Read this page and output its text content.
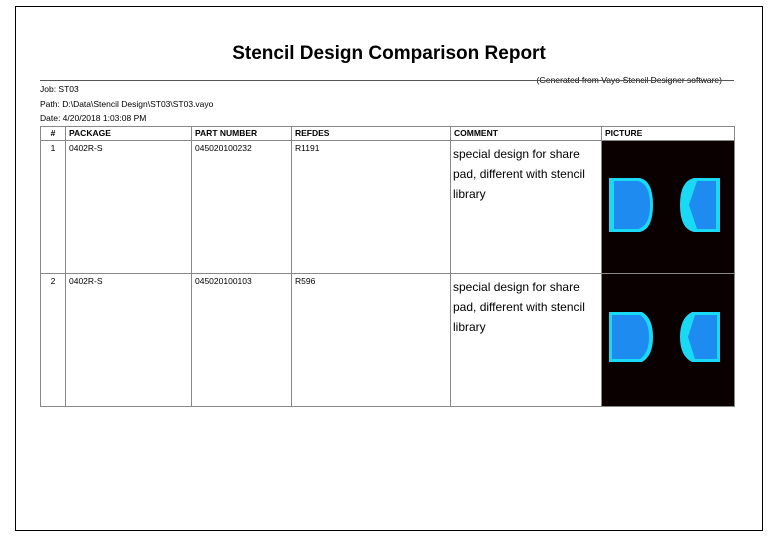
Stencil Design Comparison Report
(Generated from Vayo-Stencil Designer software)
Job: ST03
Path: D:\Data\Stencil Design\ST03\ST03.vayo
Date: 4/20/2018 1:03:08 PM
#	PACKAGE	PART NUMBER	REFDES	COMMENT	PICTURE
1	0402R-S	045020100232	R1191	special design for share pad, different with stencil library	

2	0402R-S	045020100103	R596	special design for share pad, different with stencil library	
